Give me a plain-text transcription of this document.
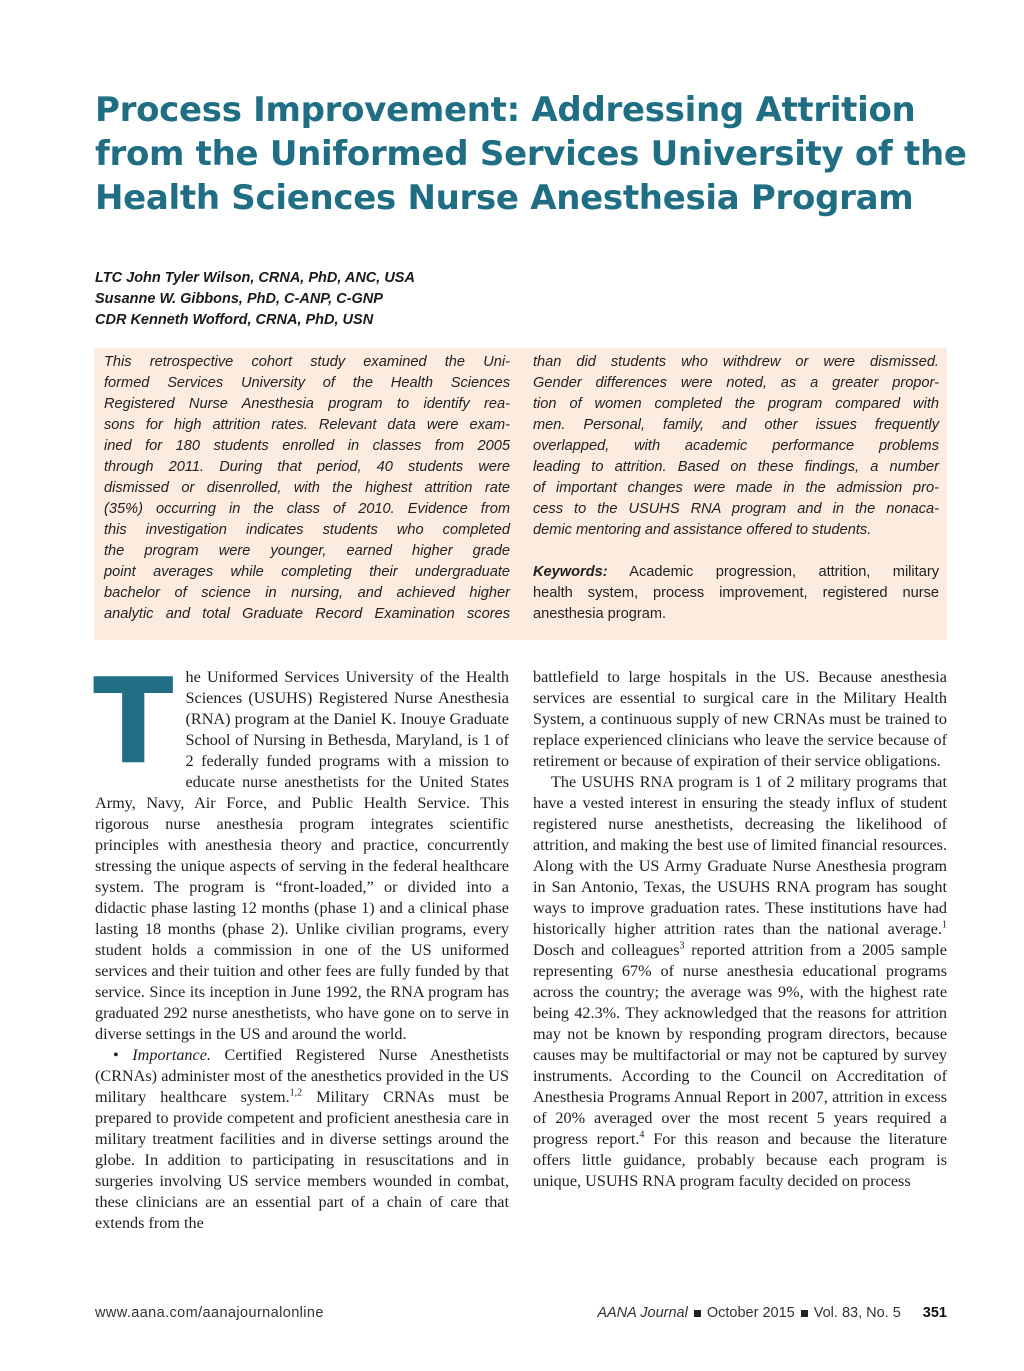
Process Improvement: Addressing Attrition
from the Uniformed Services University of the
Health Sciences Nurse Anesthesia Program
LTC John Tyler Wilson, CRNA, PhD, ANC, USA
Susanne W. Gibbons, PhD, C-ANP, C-GNP
CDR Kenneth Wofford, CRNA, PhD, USN
This retrospective cohort study examined the Uni-
formed Services University of the Health Sciences
Registered Nurse Anesthesia program to identify rea-
sons for high attrition rates. Relevant data were exam-
ined for 180 students enrolled in classes from 2005
through 2011. During that period, 40 students were
dismissed or disenrolled, with the highest attrition rate
(35%) occurring in the class of 2010. Evidence from
this investigation indicates students who completed
the program were younger, earned higher grade
point averages while completing their undergraduate
bachelor of science in nursing, and achieved higher
analytic and total Graduate Record Examination scores
than did students who withdrew or were dismissed.
Gender differences were noted, as a greater propor-
tion of women completed the program compared with
men. Personal, family, and other issues frequently
overlapped, with academic performance problems
leading to attrition. Based on these findings, a number
of important changes were made in the admission pro-
cess to the USUHS RNA program and in the nonaca-
demic mentoring and assistance offered to students.
Keywords: Academic progression, attrition, military
health system, process improvement, registered nurse
anesthesia program.

The Uniformed Services University of the Health Sciences (USUHS) Registered Nurse Anesthesia (RNA) program at the Daniel K. Inouye Graduate School of Nursing in Bethesda, Maryland, is 1 of 2 federally funded programs with a mission to educate nurse anesthetists for the United States Army, Navy, Air Force, and Public Health Service. This rigorous nurse anesthesia program integrates scientific principles with anesthesia theory and practice, concurrently stressing the unique aspects of serving in the federal healthcare system. The program is “front-loaded,” or divided into a didactic phase lasting 12 months (phase 1) and a clinical phase lasting 18 months (phase 2). Unlike civilian programs, every student holds a commission in one of the US uniformed services and their tuition and other fees are fully funded by that service. Since its inception in June 1992, the RNA program has graduated 292 nurse anesthetists, who have gone on to serve in diverse settings in the US and around the world.

• Importance. Certified Registered Nurse Anesthetists (CRNAs) administer most of the anesthetics provided in the US military healthcare system.$^{1,2}$ Military CRNAs must be prepared to provide competent and proficient anesthesia care in military treatment facilities and in diverse settings around the globe. In addition to participating in resuscitations and in surgeries involving US service members wounded in combat, these clinicians are an essential part of a chain of care that extends from the

battlefield to large hospitals in the US. Because anesthesia services are essential to surgical care in the Military Health System, a continuous supply of new CRNAs must be trained to replace experienced clinicians who leave the service because of retirement or because of expiration of their service obligations.

The USUHS RNA program is 1 of 2 military programs that have a vested interest in ensuring the steady influx of student registered nurse anesthetists, decreasing the likelihood of attrition, and making the best use of limited financial resources. Along with the US Army Graduate Nurse Anesthesia program in San Antonio, Texas, the USUHS RNA program has sought ways to improve graduation rates. These institutions have had historically higher attrition rates than the national average.$^1$ Dosch and colleagues$^3$ reported attrition from a 2005 sample representing 67% of nurse anesthesia educational programs across the country; the average was 9%, with the highest rate being 42.3%. They acknowledged that the reasons for attrition may not be known by responding program directors, because causes may be multifactorial or may not be captured by survey instruments. According to the Council on Accreditation of Anesthesia Programs Annual Report in 2007, attrition in excess of 20% averaged over the most recent 5 years required a progress report.$^4$ For this reason and because the literature offers little guidance, probably because each program is unique, USUHS RNA program faculty decided on process

www.aana.com/aanajournalonline	AANA Journal October 2015 Vol. 83, No. 5 351
